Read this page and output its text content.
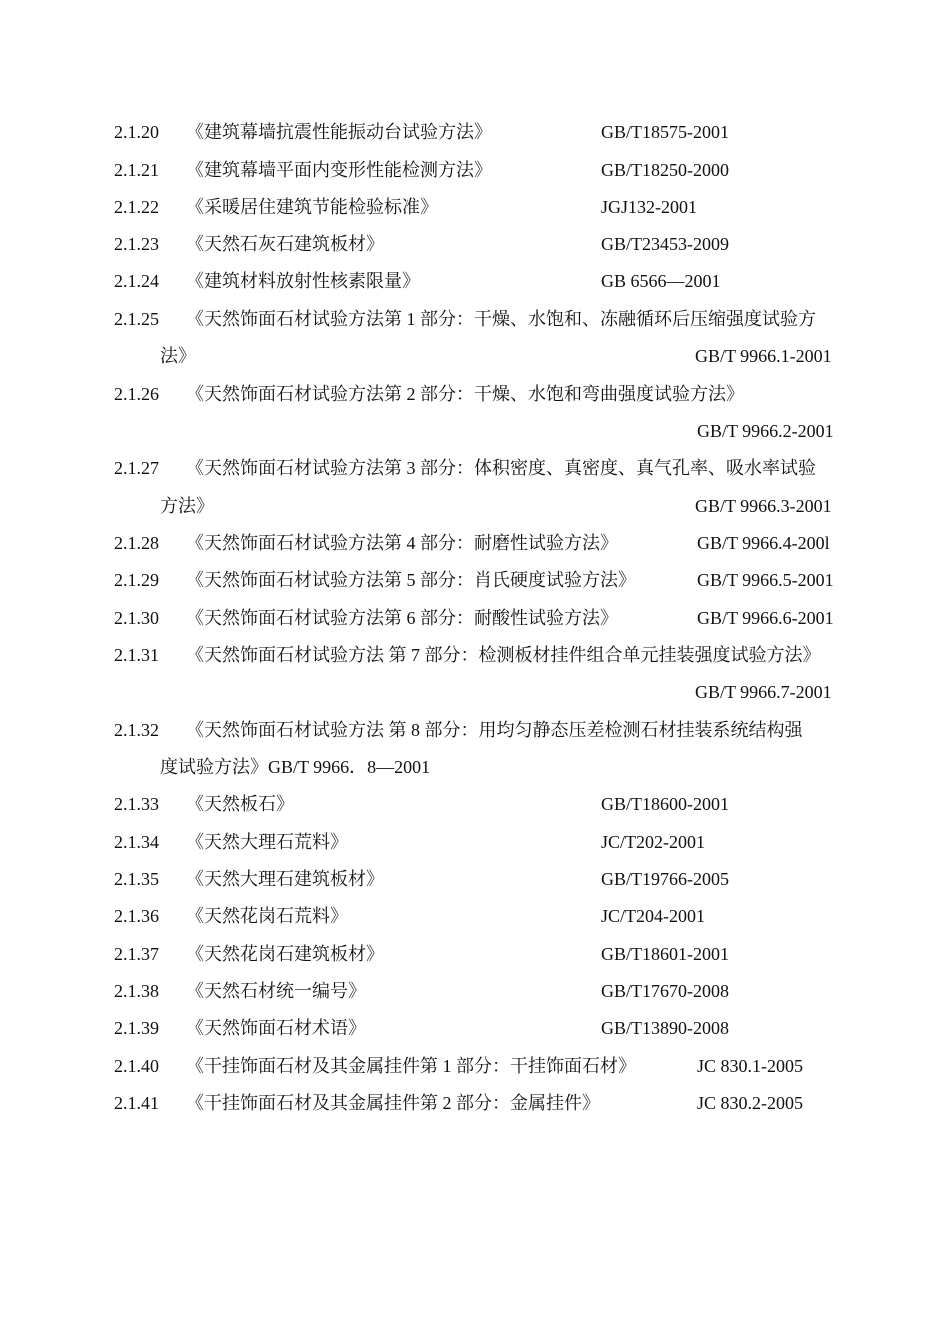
2.1.20 《建筑幕墙抗震性能振动台试验方法》	GB/T18575-2001
2.1.21 《建筑幕墙平面内变形性能检测方法》	GB/T18250-2000
2.1.22 《采暖居住建筑节能检验标准》	JGJ132-2001
2.1.23 《天然石灰石建筑板材》	GB/T23453-2009
2.1.24 《建筑材料放射性核素限量》	GB 6566—2001
2.1.25 《天然饰面石材试验方法第 1 部分：干燥、水饱和、冻融循环后压缩强度试验方
法》	GB/T 9966.1-2001
2.1.26 《天然饰面石材试验方法第 2 部分：干燥、水饱和弯曲强度试验方法》
GB/T 9966.2-2001
2.1.27 《天然饰面石材试验方法第 3 部分：体积密度、真密度、真气孔率、吸水率试验
方法》	GB/T 9966.3-2001
2.1.28 《天然饰面石材试验方法第 4 部分：耐磨性试验方法》	GB/T 9966.4-200l
2.1.29 《天然饰面石材试验方法第 5 部分：肖氏硬度试验方法》	GB/T 9966.5-2001
2.1.30 《天然饰面石材试验方法第 6 部分：耐酸性试验方法》	GB/T 9966.6-2001
2.1.31 《天然饰面石材试验方法 第 7 部分：检测板材挂件组合单元挂装强度试验方法》
GB/T 9966.7-2001
2.1.32 《天然饰面石材试验方法 第 8 部分：用均匀静态压差检测石材挂装系统结构强
度试验方法》GB/T 9966．8—2001
2.1.33 《天然板石》	GB/T18600-2001
2.1.34 《天然大理石荒料》	JC/T202-2001
2.1.35 《天然大理石建筑板材》	GB/T19766-2005
2.1.36 《天然花岗石荒料》	JC/T204-2001
2.1.37 《天然花岗石建筑板材》	GB/T18601-2001
2.1.38 《天然石材统一编号》	GB/T17670-2008
2.1.39 《天然饰面石材术语》	GB/T13890-2008
2.1.40 《干挂饰面石材及其金属挂件第 1 部分：干挂饰面石材》	JC 830.1-2005
2.1.41 《干挂饰面石材及其金属挂件第 2 部分：金属挂件》	JC 830.2-2005
